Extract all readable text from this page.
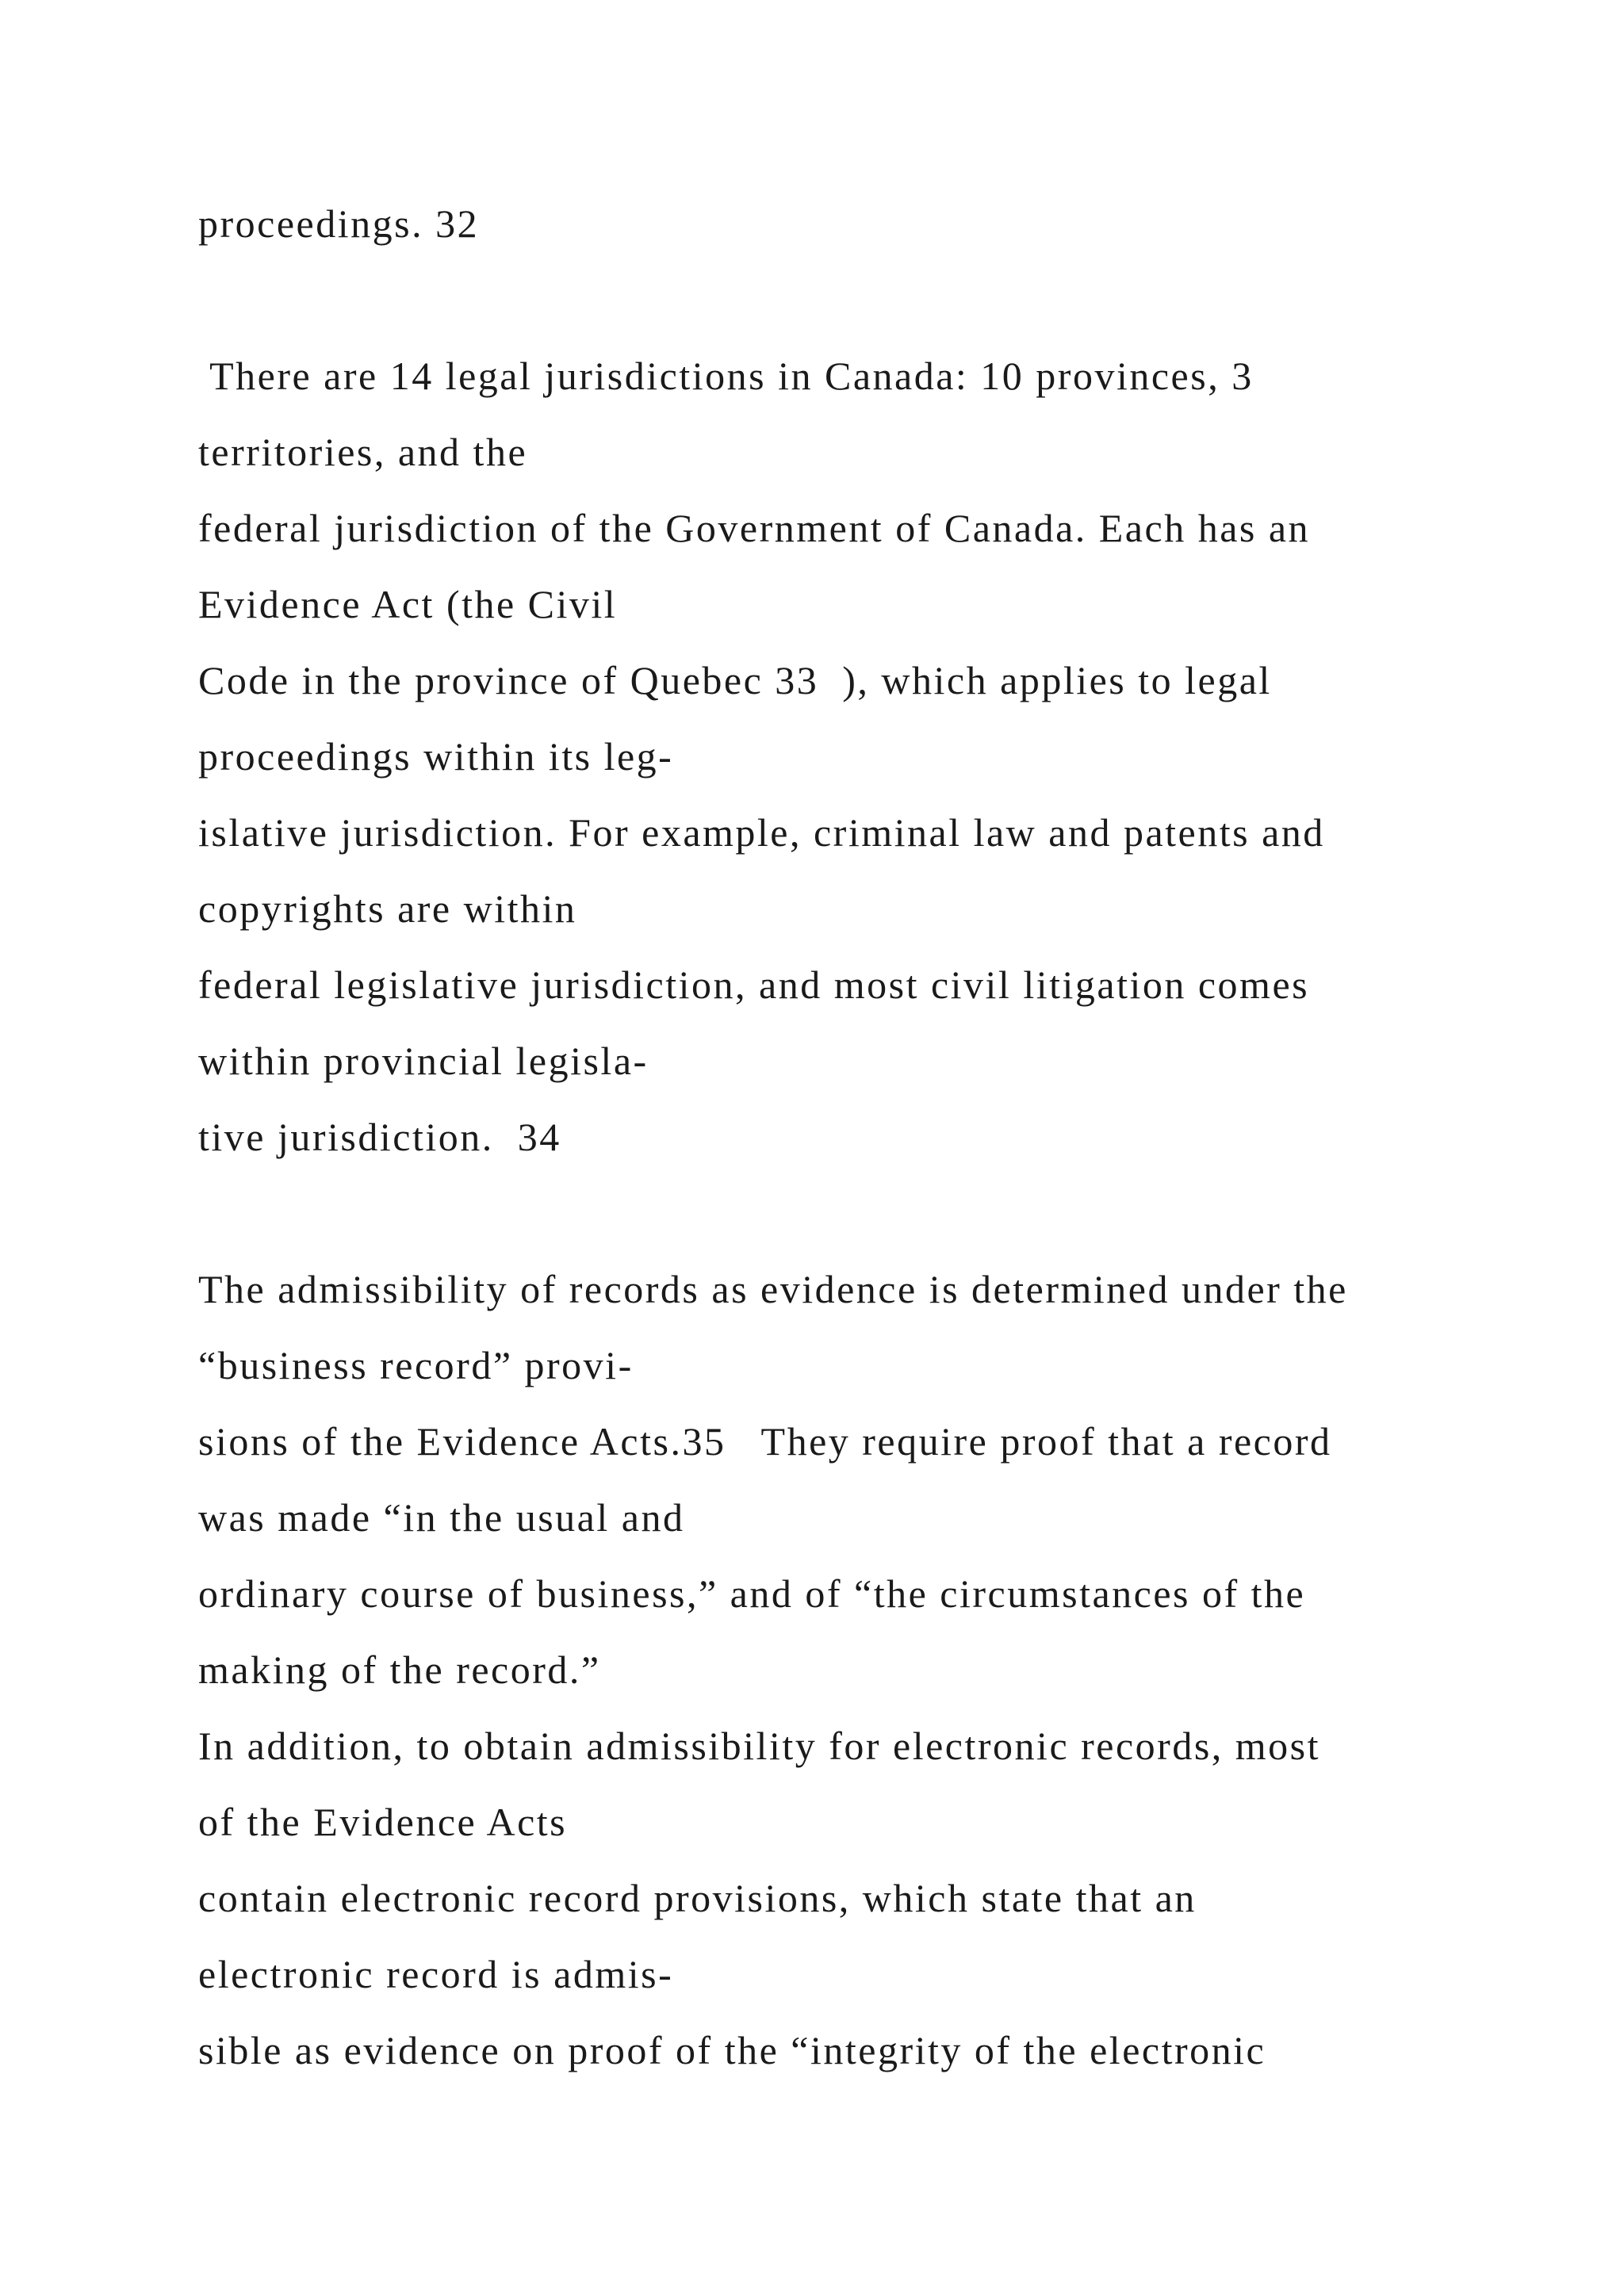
proceedings. 32

There are 14 legal jurisdictions in Canada: 10 provinces, 3

territories, and the

federal jurisdiction of the Government of Canada. Each has an

Evidence Act (the Civil

Code in the province of Quebec 33  ), which applies to legal

proceedings within its leg-

islative jurisdiction. For example, criminal law and patents and

copyrights are within

federal legislative jurisdiction, and most civil litigation comes

within provincial legisla-

tive jurisdiction.  34

The admissibility of records as evidence is determined under the

“business record” provi-

sions of the Evidence Acts.35   They require proof that a record

was made “in the usual and

ordinary course of business,” and of “the circumstances of the

making of the record.”

In addition, to obtain admissibility for electronic records, most

of the Evidence Acts

contain electronic record provisions, which state that an

electronic record is admis-

sible as evidence on proof of the “integrity of the electronic
